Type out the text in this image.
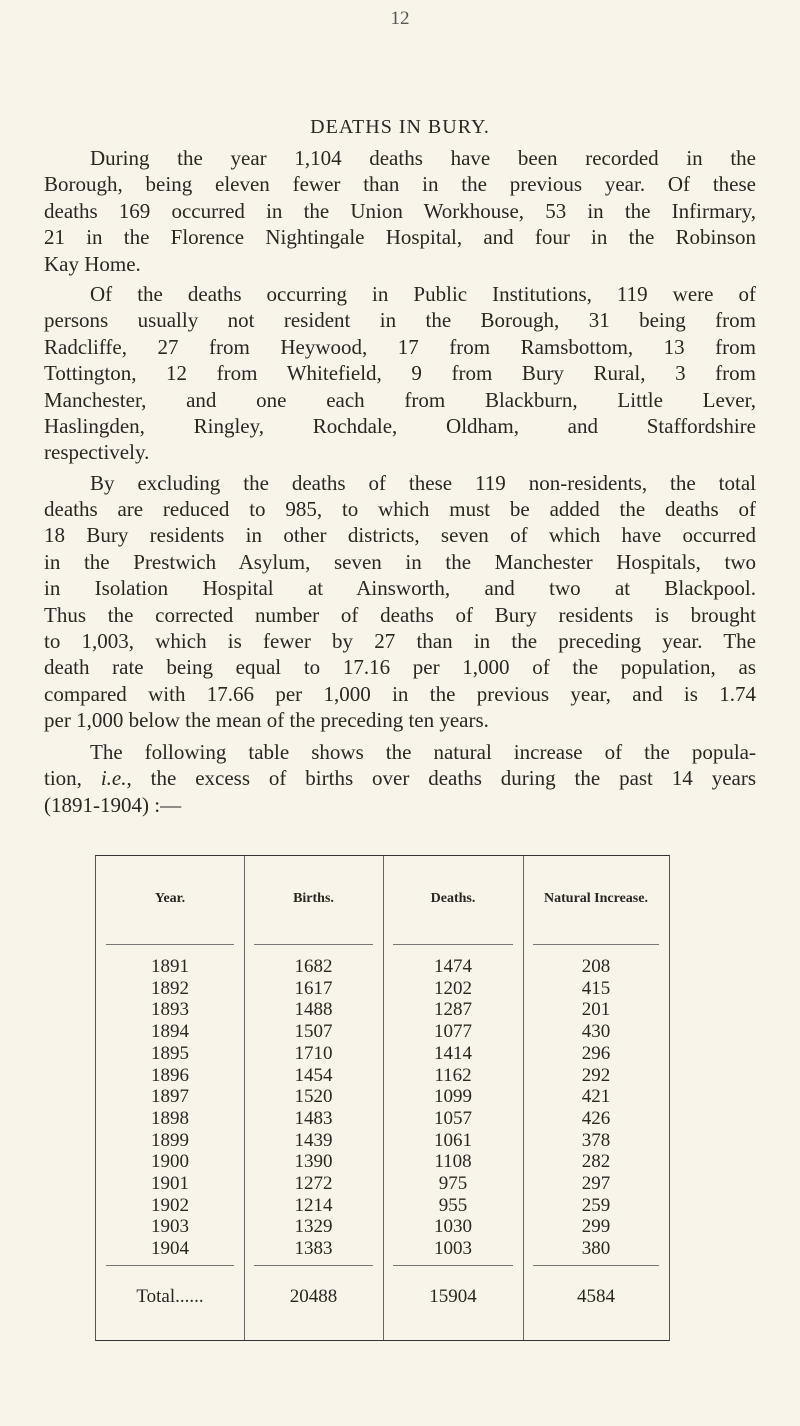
12
DEATHS IN BURY.
During the year 1,104 deaths have been recorded in the
Borough, being eleven fewer than in the previous year. Of these
deaths 169 occurred in the Union Workhouse, 53 in the Infirmary,
21 in the Florence Nightingale Hospital, and four in the Robinson
Kay Home.
Of the deaths occurring in Public Institutions, 119 were of
persons usually not resident in the Borough, 31 being from
Radcliffe, 27 from Heywood, 17 from Ramsbottom, 13 from
Tottington, 12 from Whitefield, 9 from Bury Rural, 3 from
Manchester, and one each from Blackburn, Little Lever,
Haslingden, Ringley, Rochdale, Oldham, and Staffordshire
respectively.
By excluding the deaths of these 119 non-residents, the total
deaths are reduced to 985, to which must be added the deaths of
18 Bury residents in other districts, seven of which have occurred
in the Prestwich Asylum, seven in the Manchester Hospitals, two
in Isolation Hospital at Ainsworth, and two at Blackpool.
Thus the corrected number of deaths of Bury residents is brought
to 1,003, which is fewer by 27 than in the preceding year. The
death rate being equal to 17.16 per 1,000 of the population, as
compared with 17.66 per 1,000 in the previous year, and is 1.74
per 1,000 below the mean of the preceding ten years.
The following table shows the natural increase of the popula-
tion, i.e., the excess of births over deaths during the past 14 years
(1891-1904) :—
Year.	Births.	Deaths.	Natural Increase.
1891	1682	1474	208
1892	1617	1202	415
1893	1488	1287	201
1894	1507	1077	430
1895	1710	1414	296
1896	1454	1162	292
1897	1520	1099	421
1898	1483	1057	426
1899	1439	1061	378
1900	1390	1108	282
1901	1272	975	297
1902	1214	955	259
1903	1329	1030	299
1904	1383	1003	380
Total......	20488	15904	4584
